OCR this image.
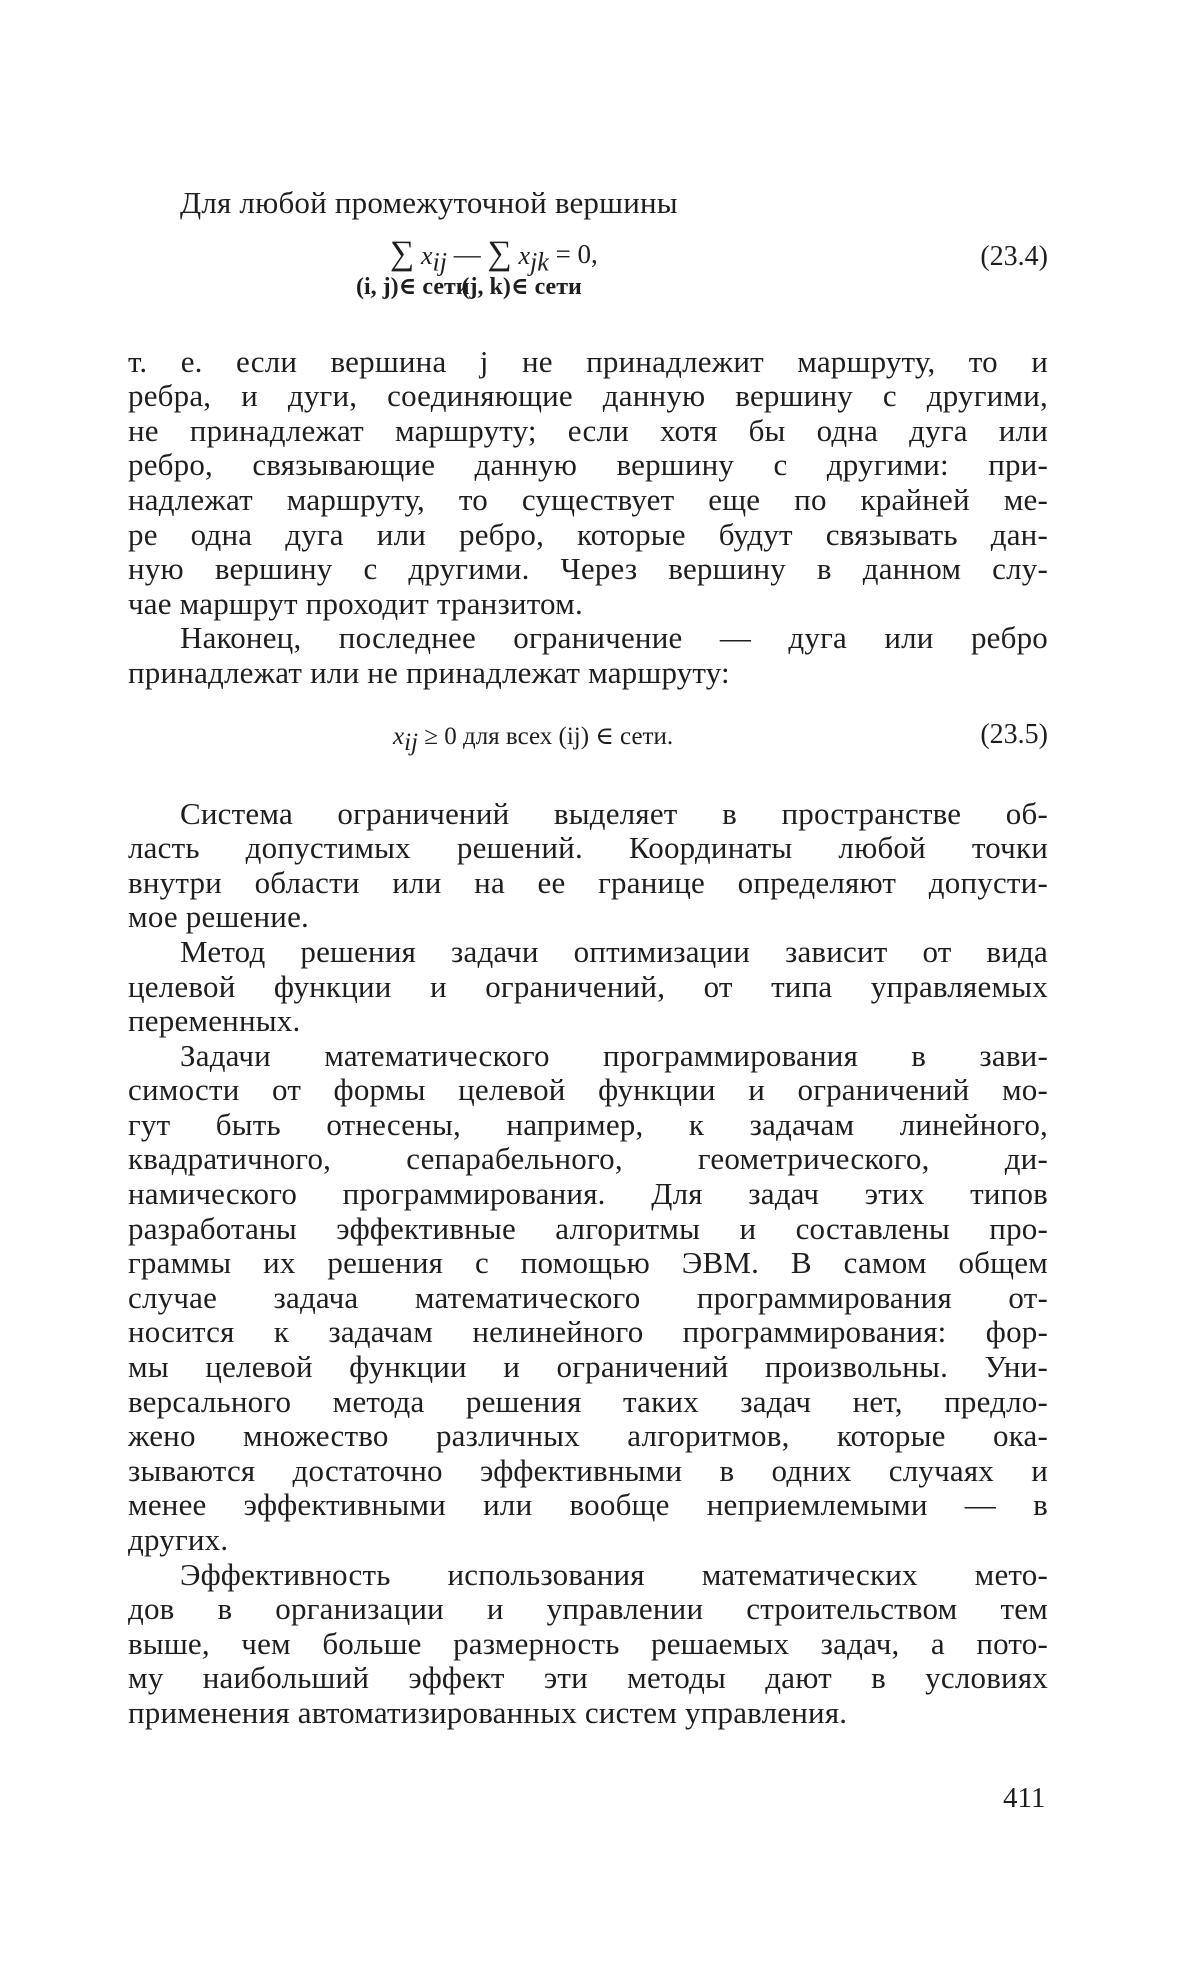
Для любой промежуточной вершины
∑ $x_{ij}$
(i, j)∈ сети
— ∑ $x_{jk}$
(j, k)∈ сети
= 0,	(23.4)
т. е. если вершина j не принадлежит маршруту, то и
ребра, и дуги, соединяющие данную вершину с другими,
не принадлежат маршруту; если хотя бы одна дуга или
ребро, связывающие данную вершину с другими: при-
надлежат маршруту, то существует еще по крайней ме-
ре одна дуга или ребро, которые будут связывать дан-
ную вершину с другими. Через вершину в данном слу-
чае маршрут проходит транзитом.
Наконец, последнее ограничение — дуга или ребро
принадлежат или не принадлежат маршруту:
$x_{ij} \ge 0$ для всех (ij) ∈ сети.	(23.5)
Система ограничений выделяет в пространстве об-
ласть допустимых решений. Координаты любой точки
внутри области или на ее границе определяют допусти-
мое решение.
Метод решения задачи оптимизации зависит от вида
целевой функции и ограничений, от типа управляемых
переменных.
Задачи математического программирования в зави-
симости от формы целевой функции и ограничений мо-
гут быть отнесены, например, к задачам линейного,
квадратичного, сепарабельного, геометрического, ди-
намического программирования. Для задач этих типов
разработаны эффективные алгоритмы и составлены про-
граммы их решения с помощью ЭВМ. В самом общем
случае задача математического программирования от-
носится к задачам нелинейного программирования: фор-
мы целевой функции и ограничений произвольны. Уни-
версального метода решения таких задач нет, предло-
жено множество различных алгоритмов, которые ока-
зываются достаточно эффективными в одних случаях и
менее эффективными или вообще неприемлемыми — в
других.
Эффективность использования математических мето-
дов в организации и управлении строительством тем
выше, чем больше размерность решаемых задач, а пото-
му наибольший эффект эти методы дают в условиях
применения автоматизированных систем управления.
411
